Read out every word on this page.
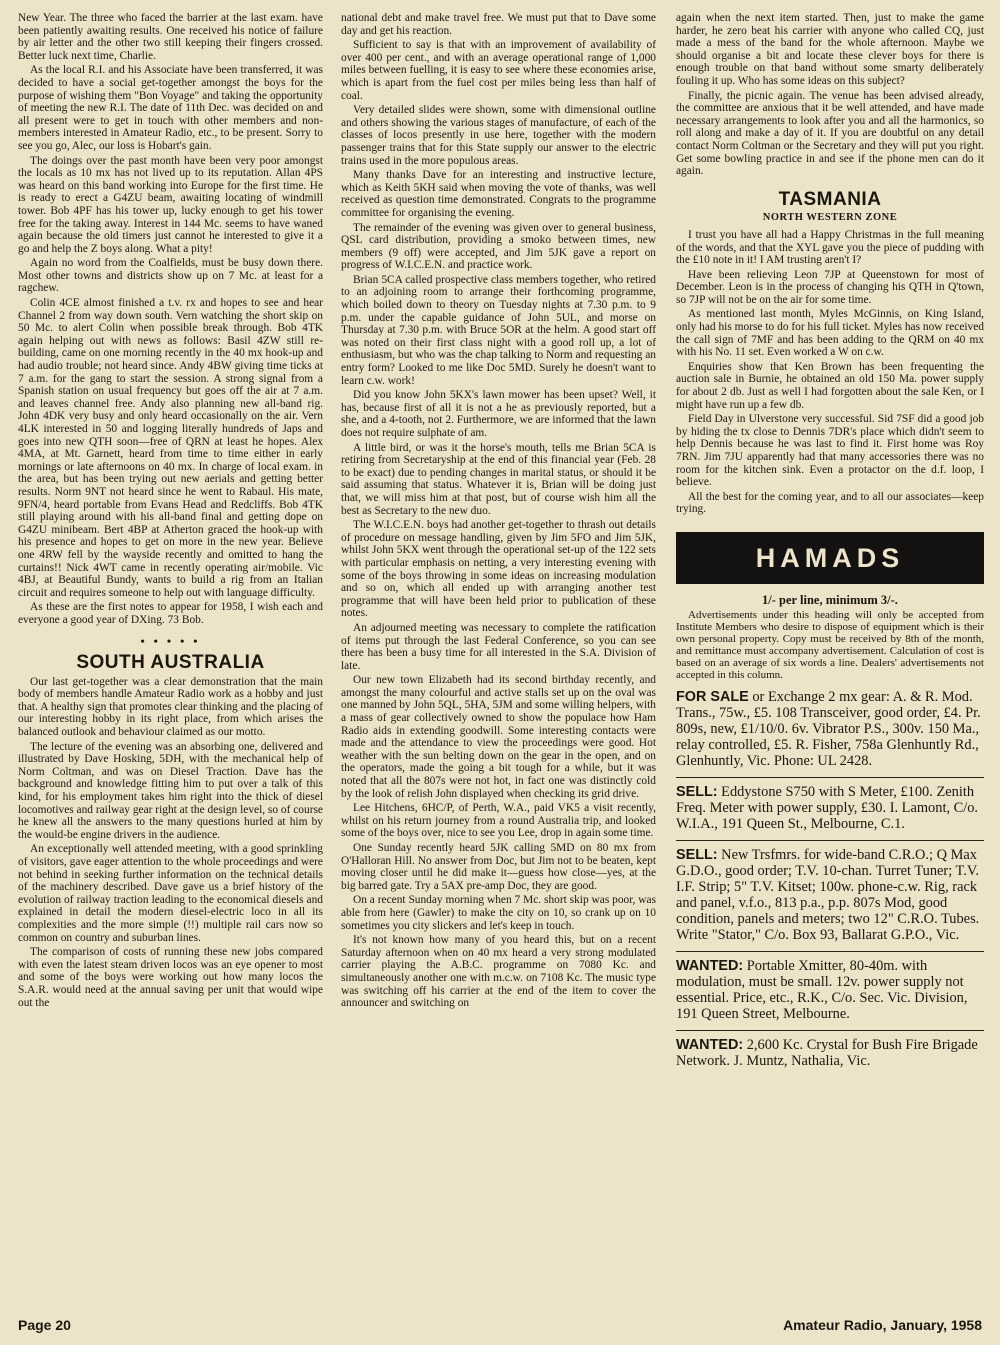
New Year. The three who faced the barrier at the last exam. have been patiently awaiting results. One received his notice of failure by air letter and the other two still keeping their fingers crossed. Better luck next time, Charlie.

As the local R.I. and his Associate have been transferred, it was decided to have a social get-together amongst the boys for the purpose of wishing them "Bon Voyage" and taking the opportunity of meeting the new R.I. The date of 11th Dec. was decided on and all present were to get in touch with other members and non-members interested in Amateur Radio, etc., to be present. Sorry to see you go, Alec, our loss is Hobart's gain.

The doings over the past month have been very poor amongst the locals as 10 mx has not lived up to its reputation. Allan 4PS was heard on this band working into Europe for the first time. He is ready to erect a G4ZU beam, awaiting locating of windmill tower. Bob 4PF has his tower up, lucky enough to get his tower free for the taking away. Interest in 144 Mc. seems to have waned again because the old timers just cannot he interested to give it a go and help the Z boys along. What a pity!

Again no word from the Coalfields, must be busy down there. Most other towns and districts show up on 7 Mc. at least for a ragchew.

Colin 4CE almost finished a t.v. rx and hopes to see and hear Channel 2 from way down south. Vern watching the short skip on 50 Mc. to alert Colin when possible break through. Bob 4TK again helping out with news as follows: Basil 4ZW still re-building, came on one morning recently in the 40 mx hook-up and had audio trouble; not heard since. Andy 4BW giving time ticks at 7 a.m. for the gang to start the session. A strong signal from a Spanish station on usual frequency but goes off the air at 7 a.m. and leaves channel free. Andy also planning new all-band rig. John 4DK very busy and only heard occasionally on the air. Vern 4LK interested in 50 and logging literally hundreds of Japs and goes into new QTH soon—free of QRN at least he hopes. Alex 4MA, at Mt. Garnett, heard from time to time either in early mornings or late afternoons on 40 mx. In charge of local exam. in the area, but has been trying out new aerials and getting better results. Norm 9NT not heard since he went to Rabaul. His mate, 9FN/4, heard portable from Evans Head and Redcliffs. Bob 4TK still playing around with his all-band final and getting dope on G4ZU minibeam. Bert 4BP at Atherton graced the hook-up with his presence and hopes to get on more in the new year. Believe one 4RW fell by the wayside recently and omitted to hang the curtains!! Nick 4WT came in recently operating air/mobile. Vic 4BJ, at Beautiful Bundy, wants to build a rig from an Italian circuit and requires someone to help out with language difficulty.

As these are the first notes to appear for 1958, I wish each and everyone a good year of DXing. 73 Bob.

• • • • •
SOUTH AUSTRALIA

Our last get-together was a clear demonstration that the main body of members handle Amateur Radio work as a hobby and just that. A healthy sign that promotes clear thinking and the placing of our interesting hobby in its right place, from which arises the balanced outlook and behaviour claimed as our motto.

The lecture of the evening was an absorbing one, delivered and illustrated by Dave Hosking, 5DH, with the mechanical help of Norm Coltman, and was on Diesel Traction. Dave has the background and knowledge fitting him to put over a talk of this kind, for his employment takes him right into the thick of diesel locomotives and railway gear right at the design level, so of course he knew all the answers to the many questions hurled at him by the would-be engine drivers in the audience.

An exceptionally well attended meeting, with a good sprinkling of visitors, gave eager attention to the whole proceedings and were not behind in seeking further information on the technical details of the machinery described. Dave gave us a brief history of the evolution of railway traction leading to the economical diesels and explained in detail the modern diesel-electric loco in all its complexities and the more simple (!!) multiple rail cars now so common on country and suburban lines.

The comparison of costs of running these new jobs compared with even the latest steam driven locos was an eye opener to most and some of the boys were working out how many locos the S.A.R. would need at the annual saving per unit that would wipe out the

national debt and make travel free. We must put that to Dave some day and get his reaction.

Sufficient to say is that with an improvement of availability of over 400 per cent., and with an average operational range of 1,000 miles between fuelling, it is easy to see where these economies arise, which is apart from the fuel cost per miles being less than half of coal.

Very detailed slides were shown, some with dimensional outline and others showing the various stages of manufacture, of each of the classes of locos presently in use here, together with the modern passenger trains that for this State supply our answer to the electric trains used in the more populous areas.

Many thanks Dave for an interesting and instructive lecture, which as Keith 5KH said when moving the vote of thanks, was well received as question time demonstrated. Congrats to the programme committee for organising the evening.

The remainder of the evening was given over to general business, QSL card distribution, providing a smoko between times, new members (9 off) were accepted, and Jim 5JK gave a report on progress of W.I.C.E.N. and practice work.

Brian 5CA called prospective class members together, who retired to an adjoining room to arrange their forthcoming programme, which boiled down to theory on Tuesday nights at 7.30 p.m. to 9 p.m. under the capable guidance of John 5UL, and morse on Thursday at 7.30 p.m. with Bruce 5OR at the helm. A good start off was noted on their first class night with a good roll up, a lot of enthusiasm, but who was the chap talking to Norm and requesting an entry form? Looked to me like Doc 5MD. Surely he doesn't want to learn c.w. work!

Did you know John 5KX's lawn mower has been upset? Well, it has, because first of all it is not a he as previously reported, but a she, and a 4-tooth, not 2. Furthermore, we are informed that the lawn does not require sulphate of am.

A little bird, or was it the horse's mouth, tells me Brian 5CA is retiring from Secretaryship at the end of this financial year (Feb. 28 to be exact) due to pending changes in marital status, or should it be said assuming that status. Whatever it is, Brian will be doing just that, we will miss him at that post, but of course wish him all the best as Secretary to the new duo.

The W.I.C.E.N. boys had another get-together to thrash out details of procedure on message handling, given by Jim 5FO and Jim 5JK, whilst John 5KX went through the operational set-up of the 122 sets with particular emphasis on netting, a very interesting evening with some of the boys throwing in some ideas on increasing modulation and so on, which all ended up with arranging another test programme that will have been held prior to publication of these notes.

An adjourned meeting was necessary to complete the ratification of items put through the last Federal Conference, so you can see there has been a busy time for all interested in the S.A. Division of late.

Our new town Elizabeth had its second birthday recently, and amongst the many colourful and active stalls set up on the oval was one manned by John 5QL, 5HA, 5JM and some willing helpers, with a mass of gear collectively owned to show the populace how Ham Radio aids in extending goodwill. Some interesting contacts were made and the attendance to view the proceedings were good. Hot weather with the sun belting down on the gear in the open, and on the operators, made the going a bit tough for a while, but it was noted that all the 807s were not hot, in fact one was distinctly cold by the look of relish John displayed when checking its grid drive.

Lee Hitchens, 6HC/P, of Perth, W.A., paid VK5 a visit recently, whilst on his return journey from a round Australia trip, and looked some of the boys over, nice to see you Lee, drop in again some time.

One Sunday recently heard 5JK calling 5MD on 80 mx from O'Halloran Hill. No answer from Doc, but Jim not to be beaten, kept moving closer until he did make it—guess how close—yes, at the big barred gate. Try a 5AX pre-amp Doc, they are good.

On a recent Sunday morning when 7 Mc. short skip was poor, was able from here (Gawler) to make the city on 10, so crank up on 10 sometimes you city slickers and let's keep in touch.

It's not known how many of you heard this, but on a recent Saturday afternoon when on 40 mx heard a very strong modulated carrier playing the A.B.C. programme on 7080 Kc. and simultaneously another one with m.c.w. on 7108 Kc. The music type was switching off his carrier at the end of the item to cover the announcer and switching on

again when the next item started. Then, just to make the game harder, he zero beat his carrier with anyone who called CQ, just made a mess of the band for the whole afternoon. Maybe we should organise a bit and locate these clever boys for there is enough trouble on that band without some smarty deliberately fouling it up. Who has some ideas on this subject?

Finally, the picnic again. The venue has been advised already, the committee are anxious that it be well attended, and have made necessary arrangements to look after you and all the harmonics, so roll along and make a day of it. If you are doubtful on any detail contact Norm Coltman or the Secretary and they will put you right. Get some bowling practice in and see if the phone men can do it again.

TASMANIA
NORTH WESTERN ZONE

I trust you have all had a Happy Christmas in the full meaning of the words, and that the XYL gave you the piece of pudding with the £10 note in it! I AM trusting aren't I?

Have been relieving Leon 7JP at Queenstown for most of December. Leon is in the process of changing his QTH in Q'town, so 7JP will not be on the air for some time.

As mentioned last month, Myles McGinnis, on King Island, only had his morse to do for his full ticket. Myles has now received the call sign of 7MF and has been adding to the QRM on 40 mx with his No. 11 set. Even worked a W on c.w.

Enquiries show that Ken Brown has been frequenting the auction sale in Burnie, he obtained an old 150 Ma. power supply for about 2 db. Just as well I had forgotten about the sale Ken, or I might have run up a few db.

Field Day in Ulverstone very successful. Sid 7SF did a good job by hiding the tx close to Dennis 7DR's place which didn't seem to help Dennis because he was last to find it. First home was Roy 7RN. Jim 7JU apparently had that many accessories there was no room for the kitchen sink. Even a protactor on the d.f. loop, I believe.

All the best for the coming year, and to all our associates—keep trying.

HAMADS
1/- per line, minimum 3/-.

Advertisements under this heading will only be accepted from Institute Members who desire to dispose of equipment which is their own personal property. Copy must be received by 8th of the month, and remittance must accompany advertisement. Calculation of cost is based on an average of six words a line. Dealers' advertisements not accepted in this column.

FOR SALE or Exchange 2 mx gear: A. & R. Mod. Trans., 75w., £5. 108 Transceiver, good order, £4. Pr. 809s, new, £1/10/0. 6v. Vibrator P.S., 300v. 150 Ma., relay controlled, £5. R. Fisher, 758a Glenhuntly Rd., Glenhuntly, Vic. Phone: UL 2428.
SELL: Eddystone S750 with S Meter, £100. Zenith Freq. Meter with power supply, £30. I. Lamont, C/o. W.I.A., 191 Queen St., Melbourne, C.1.
SELL: New Trsfmrs. for wide-band C.R.O.; Q Max G.D.O., good order; T.V. 10-chan. Turret Tuner; T.V. I.F. Strip; 5" T.V. Kitset; 100w. phone-c.w. Rig, rack and panel, v.f.o., 813 p.a., p.p. 807s Mod, good condition, panels and meters; two 12" C.R.O. Tubes. Write "Stator," C/o. Box 93, Ballarat G.P.O., Vic.
WANTED: Portable Xmitter, 80-40m. with modulation, must be small. 12v. power supply not essential. Price, etc., R.K., C/o. Sec. Vic. Division, 191 Queen Street, Melbourne.
WANTED: 2,600 Kc. Crystal for Bush Fire Brigade Network. J. Muntz, Nathalia, Vic.
Page 20	Amateur Radio, January, 1958
